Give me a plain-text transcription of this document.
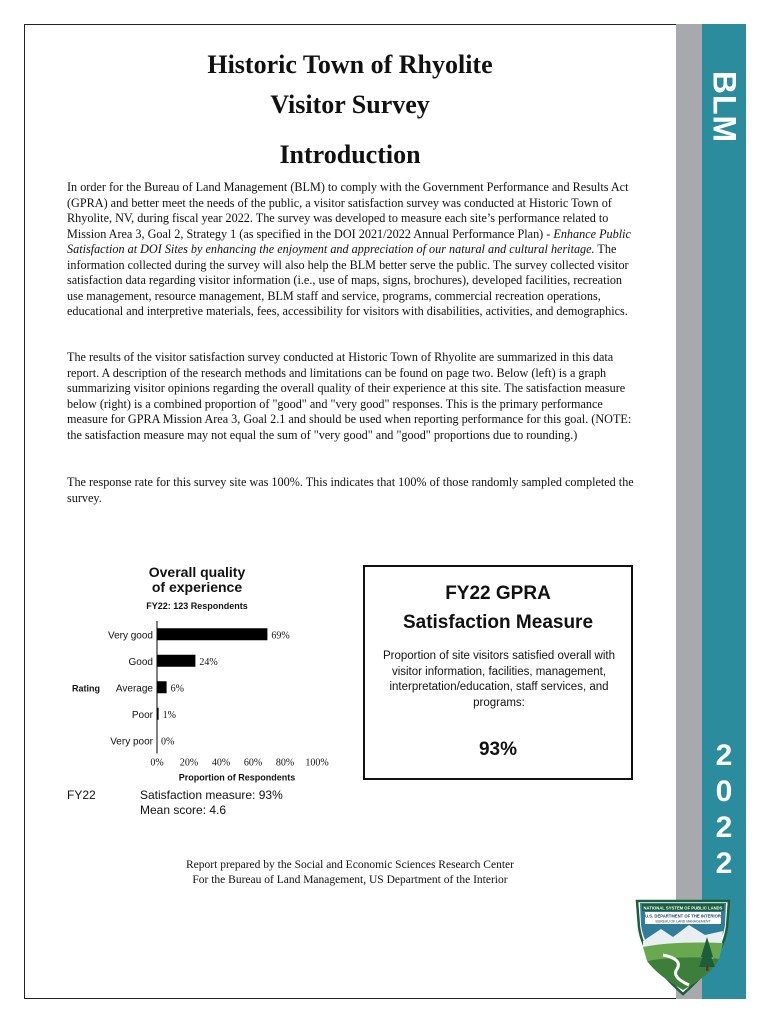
BLM
2
0
2
2
Historic Town of Rhyolite
Visitor Survey
Introduction

In order for the Bureau of Land Management (BLM) to comply with the Government Performance and Results Act (GPRA) and better meet the needs of the public, a visitor satisfaction survey was conducted at Historic Town of Rhyolite, NV, during fiscal year 2022. The survey was developed to measure each site’s performance related to Mission Area 3, Goal 2, Strategy 1 (as specified in the DOI 2021/2022 Annual Performance Plan) - Enhance Public Satisfaction at DOI Sites by enhancing the enjoyment and appreciation of our natural and cultural heritage. The information collected during the survey will also help the BLM better serve the public. The survey collected visitor satisfaction data regarding visitor information (i.e., use of maps, signs, brochures), developed facilities, recreation use management, resource management, BLM staff and service, programs, commercial recreation operations, educational and interpretive materials, fees, accessibility for visitors with disabilities, activities, and demographics.

The results of the visitor satisfaction survey conducted at Historic Town of Rhyolite are summarized in this data report. A description of the research methods and limitations can be found on page two. Below (left) is a graph summarizing visitor opinions regarding the overall quality of their experience at this site. The satisfaction measure below (right) is a combined proportion of "good" and "very good" responses. This is the primary performance measure for GPRA Mission Area 3, Goal 2.1 and should be used when reporting performance for this goal. (NOTE: the satisfaction measure may not equal the sum of "very good" and "good" proportions due to rounding.)

The response rate for this survey site was 100%. This indicates that 100% of those randomly sampled completed the survey.

Overall quality
of experience
FY22: 123 Respondents
Very good	69%
Good	24%
Average 6%
Poor 1%
Very poor 0%
Rating
0% 20% 40% 60% 80% 100%
Proportion of Respondents
FY22	Satisfaction measure: 93%
Mean score: 4.6
FY22 GPRA
Satisfaction Measure
Proportion of site visitors satisfied overall with visitor information, facilities, management, interpretation/education, staff services, and programs:
93%
Report prepared by the Social and Economic Sciences Research Center
For the Bureau of Land Management, US Department of the Interior
NATIONAL SYSTEM OF PUBLIC LANDS
U.S. DEPARTMENT OF THE INTERIOR
BUREAU OF LAND MANAGEMENT
